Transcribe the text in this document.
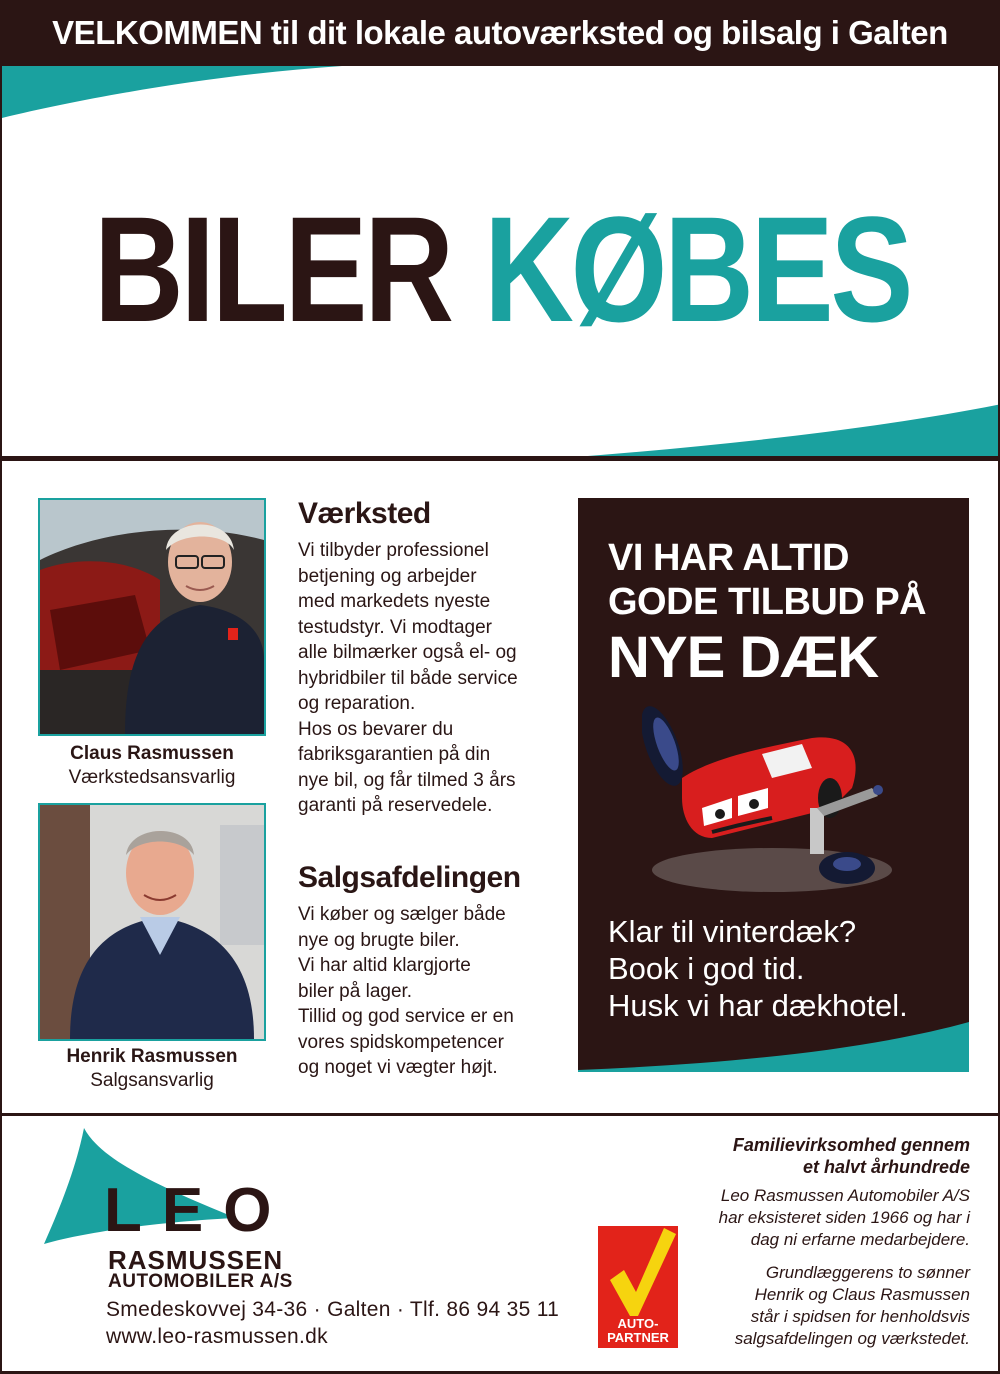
VELKOMMEN til dit lokale autoværksted og bilsalg i Galten
BILER KØBES
Claus Rasmussen
Værkstedsansvarlig
Henrik Rasmussen
Salgsansvarlig
Værksted

Vi tilbyder professionel
betjening og arbejder
med markedets nyeste
testudstyr. Vi modtager
alle bilmærker også el- og
hybridbiler til både service
og reparation.
Hos os bevarer du
fabriksgarantien på din
nye bil, og får tilmed 3 års
garanti på reservedele.

Salgsafdelingen

Vi køber og sælger både
nye og brugte biler.
Vi har altid klargjorte
biler på lager.
Tillid og god service er en
vores spidskompetencer
og noget vi vægter højt.

VI HAR ALTID
GODE TILBUD PÅ
NYE DÆK
Klar til vinterdæk?
Book i god tid.
Husk vi har dækhotel.
LEO
RASMUSSEN
AUTOMOBILER A/S
Smedeskovvej 34-36 · Galten · Tlf. 86 94 35 11
www.leo-rasmussen.dk
AUTO-
PARTNER
Familievirksomhed gennem
et halvt århundrede
Leo Rasmussen Automobiler A/S
har eksisteret siden 1966 og har i
dag ni erfarne medarbejdere.
Grundlæggerens to sønner
Henrik og Claus Rasmussen
står i spidsen for henholdsvis
salgsafdelingen og værkstedet.
